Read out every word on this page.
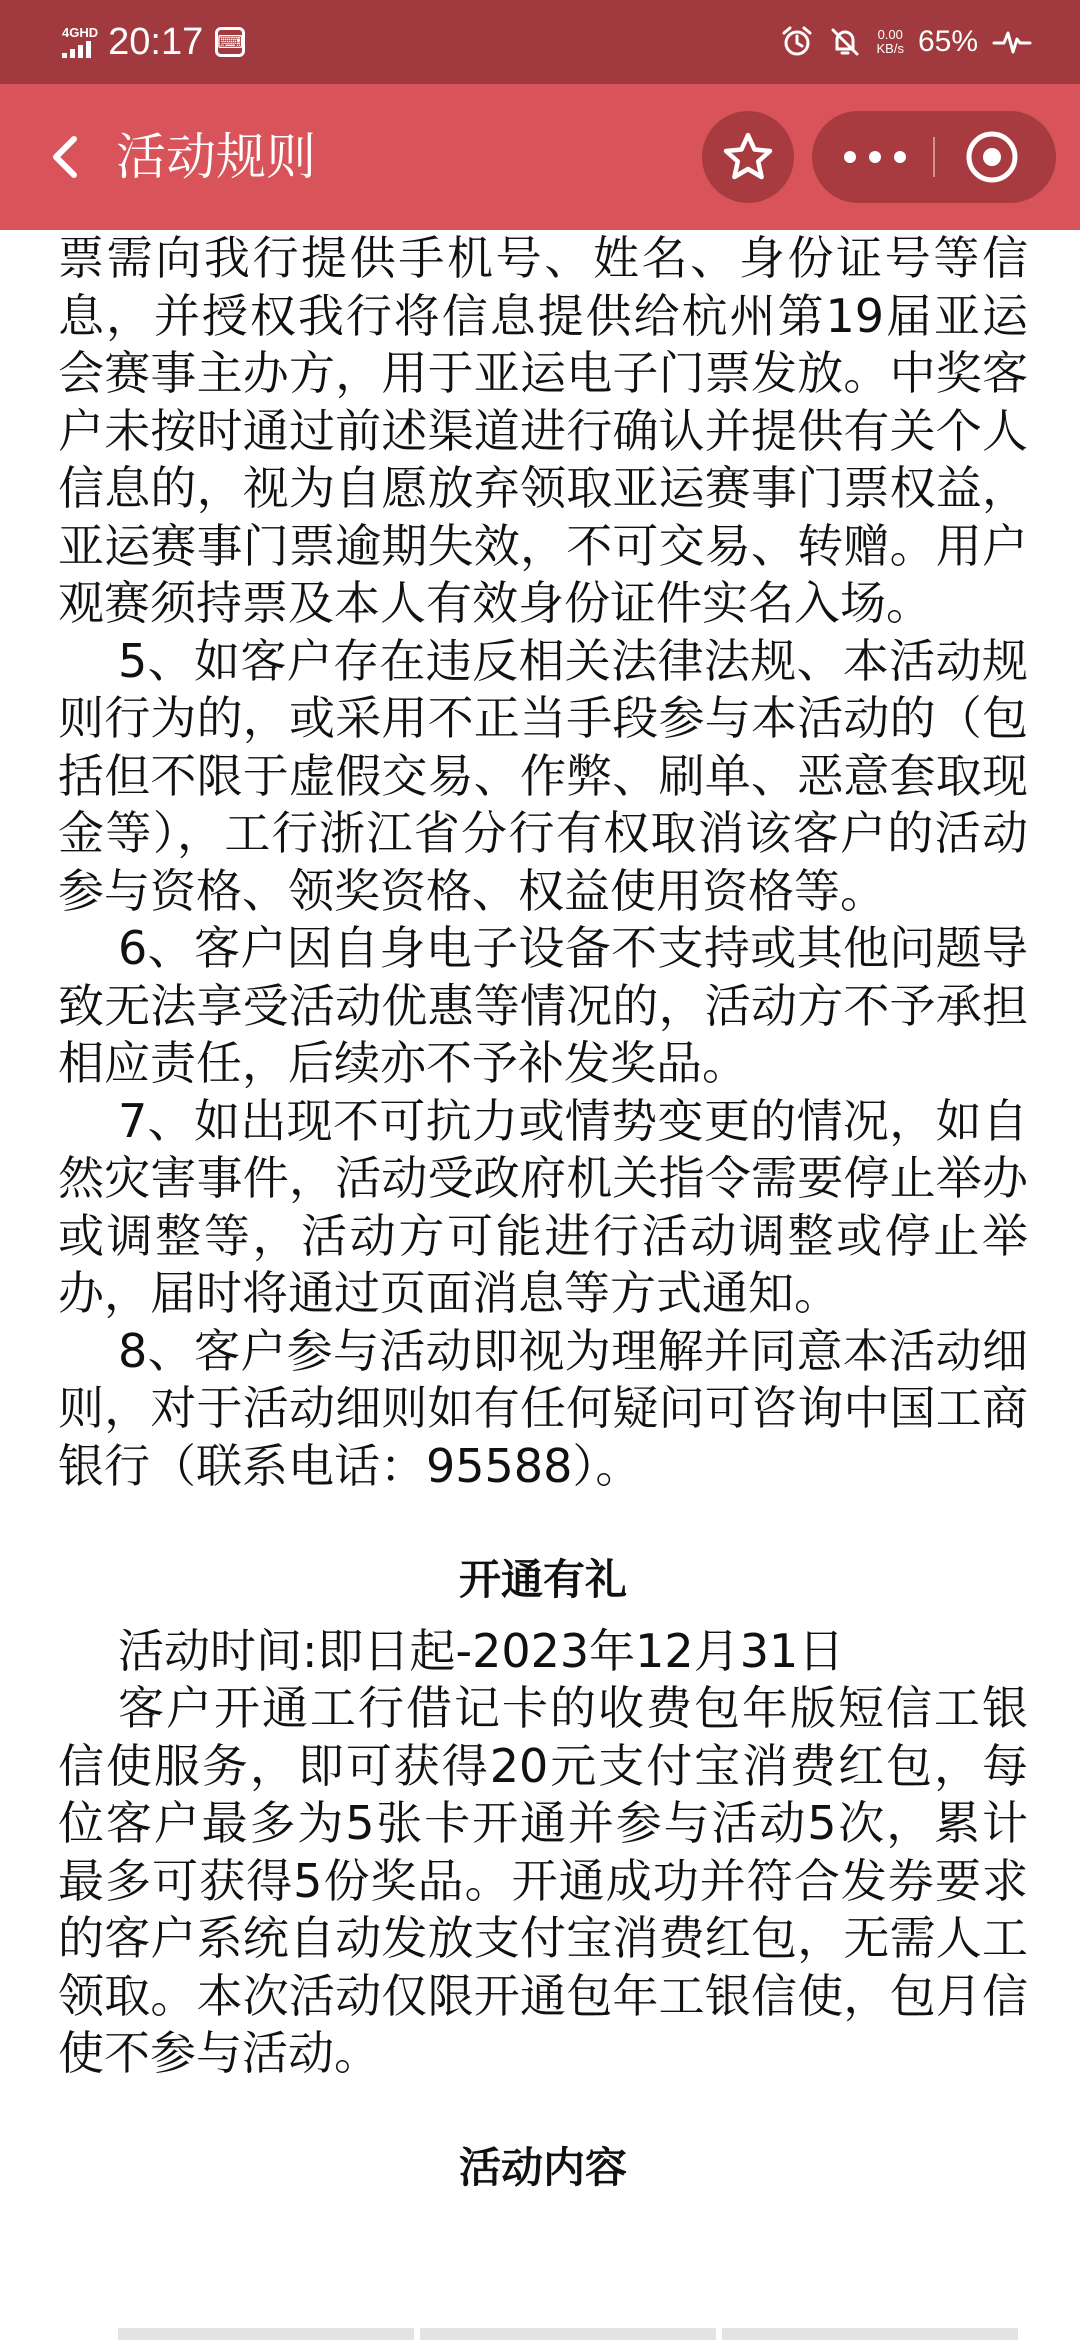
4GHD 20:17 ⌨	0.00
KB/s 65%
活动规则

票需向我行提供手机号、姓名、身份证号等信息，并授权我行将信息提供给杭州第19届亚运会赛事主办方，用于亚运电子门票发放。中奖客户未按时通过前述渠道进行确认并提供有关个人信息的，视为自愿放弃领取亚运赛事门票权益，亚运赛事门票逾期失效，不可交易、转赠。用户观赛须持票及本人有效身份证件实名入场。

5、如客户存在违反相关法律法规、本活动规则行为的，或采用不正当手段参与本活动的（包括但不限于虚假交易、作弊、刷单、恶意套取现金等），工行浙江省分行有权取消该客户的活动参与资格、领奖资格、权益使用资格等。

6、客户因自身电子设备不支持或其他问题导致无法享受活动优惠等情况的，活动方不予承担相应责任，后续亦不予补发奖品。

7、如出现不可抗力或情势变更的情况，如自然灾害事件，活动受政府机关指令需要停止举办或调整等，活动方可能进行活动调整或停止举办，届时将通过页面消息等方式通知。

8、客户参与活动即视为理解并同意本活动细则，对于活动细则如有任何疑问可咨询中国工商银行（联系电话：95588）。

开通有礼

活动时间:即日起-2023年12月31日

客户开通工行借记卡的收费包年版短信工银信使服务，即可获得20元支付宝消费红包，每位客户最多为5张卡开通并参与活动5次，累计最多可获得5份奖品。开通成功并符合发券要求的客户系统自动发放支付宝消费红包，无需人工领取。本次活动仅限开通包年工银信使，包月信使不参与活动。

活动内容
